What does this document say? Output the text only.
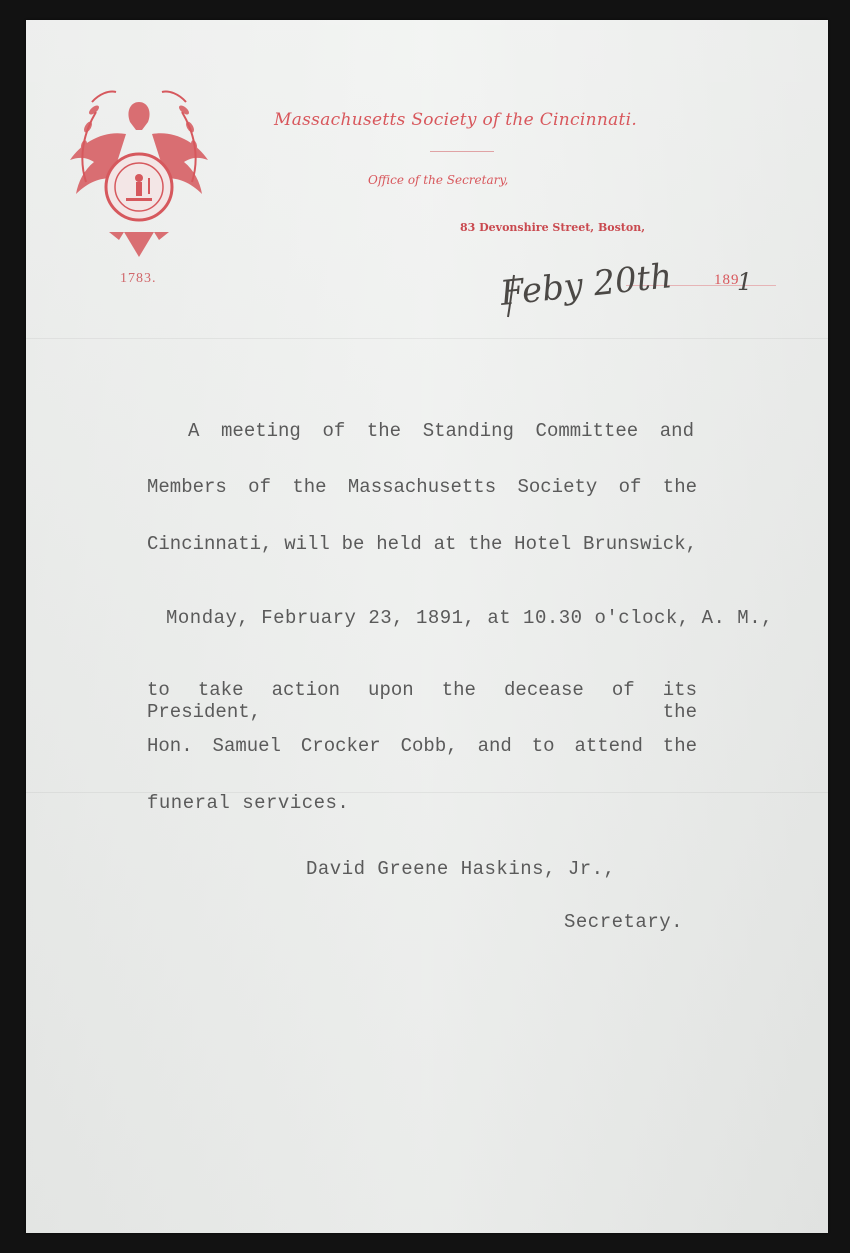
1783.
Massachusetts Society of the Cincinnati.
Office of the Secretary,
83 Devonshire Street, Boston,
189
Feby 20th	1
A meeting of the Standing Committee and
Members of the Massachusetts Society of the
Cincinnati, will be held at the Hotel Brunswick,
Monday, February 23, 1891, at 10.30 o'clock, A. M.,
to take action upon the decease of its President, the
Hon. Samuel Crocker Cobb, and to attend the
funeral services.
David Greene Haskins, Jr.,
Secretary.
